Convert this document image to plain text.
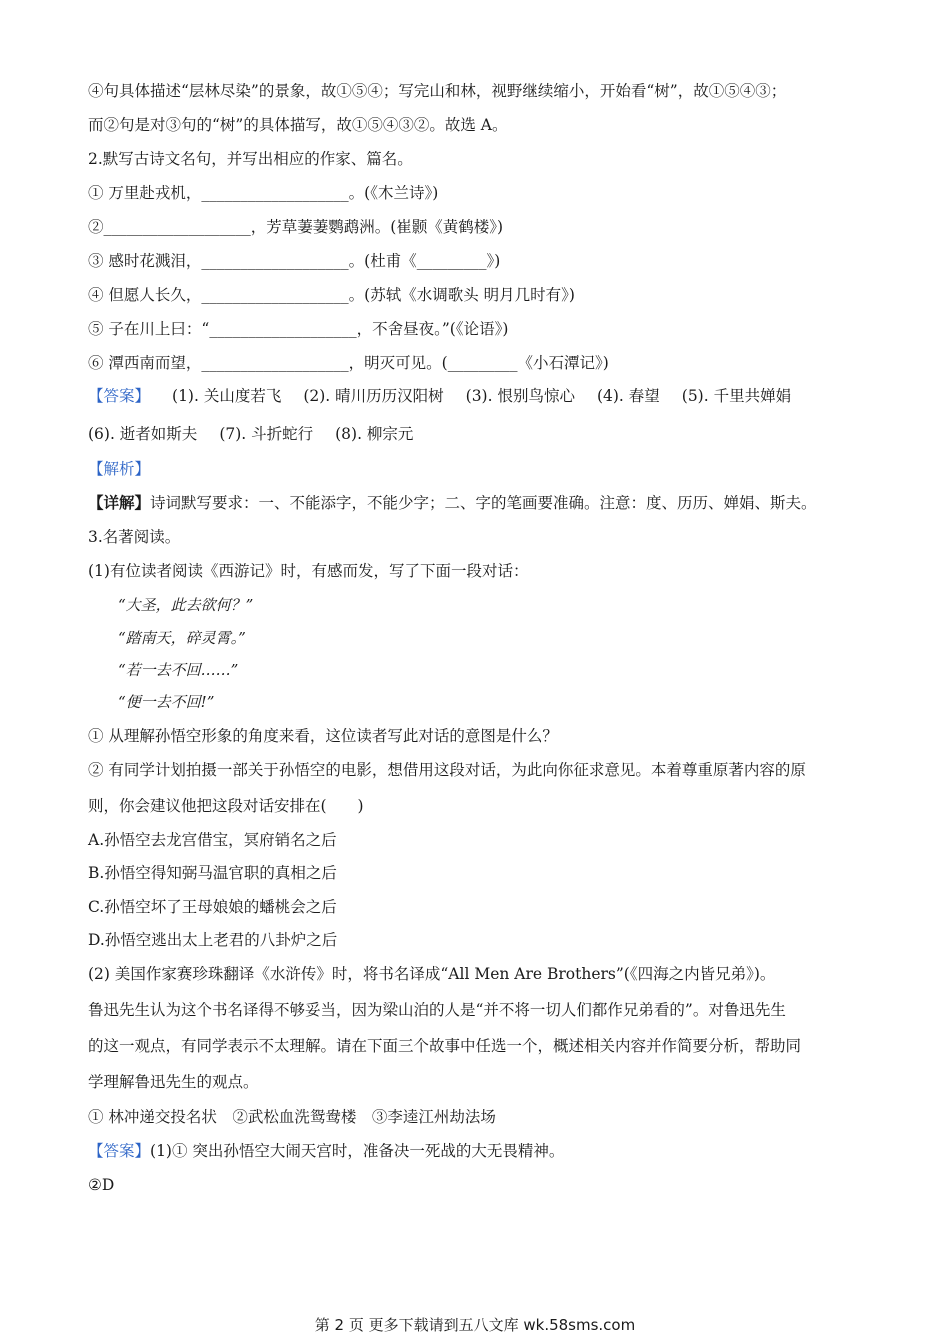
④句具体描述“层林尽染”的景象，故①⑤④；写完山和林，视野继续缩小，开始看“树”，故①⑤④③；
而②句是对③句的“树”的具体描写，故①⑤④③②。故选 A。
2.默写古诗文名句，并写出相应的作家、篇名。
① 万里赴戎机，___________________。(《木兰诗》)
②___________________，芳草萋萋鹦鹉洲。(崔颢《黄鹤楼》)
③ 感时花溅泪，___________________。(杜甫《_________》)
④ 但愿人长久，___________________。(苏轼《水调歌头 明月几时有》)
⑤ 子在川上曰：“___________________，不舍昼夜。”(《论语》)
⑥ 潭西南而望，___________________，明灭可见。(_________《小石潭记》)
【答案】 (1). 关山度若飞 (2). 晴川历历汉阳树 (3). 恨别鸟惊心 (4). 春望 (5). 千里共婵娟
(6). 逝者如斯夫 (7). 斗折蛇行 (8). 柳宗元
【解析】
【详解】诗词默写要求：一、不能添字，不能少字；二、字的笔画要准确。注意：度、历历、婵娟、斯夫。
3.名著阅读。
(1)有位读者阅读《西游记》时，有感而发，写了下面一段对话：
“大圣，此去欲何？”
“踏南天，碎灵霄。”
“若一去不回……”
“便一去不回!”
① 从理解孙悟空形象的角度来看，这位读者写此对话的意图是什么？
② 有同学计划拍摄一部关于孙悟空的电影，想借用这段对话，为此向你征求意见。本着尊重原著内容的原
则，你会建议他把这段对话安排在(　　)
A.孙悟空去龙宫借宝，冥府销名之后
B.孙悟空得知弼马温官职的真相之后
C.孙悟空坏了王母娘娘的蟠桃会之后
D.孙悟空逃出太上老君的八卦炉之后
(2) 美国作家赛珍珠翻译《水浒传》时，将书名译成“All Men Are Brothers”(《四海之内皆兄弟》)。
鲁迅先生认为这个书名译得不够妥当，因为梁山泊的人是“并不将一切人们都作兄弟看的”。对鲁迅先生
的这一观点，有同学表示不太理解。请在下面三个故事中任选一个，概述相关内容并作简要分析，帮助同
学理解鲁迅先生的观点。
① 林冲递交投名状　②武松血洗鸳鸯楼　③李逵江州劫法场
【答案】(1)① 突出孙悟空大闹天宫时，准备决一死战的大无畏精神。
②D
第 2 页 更多下载请到五八文库 wk.58sms.com
